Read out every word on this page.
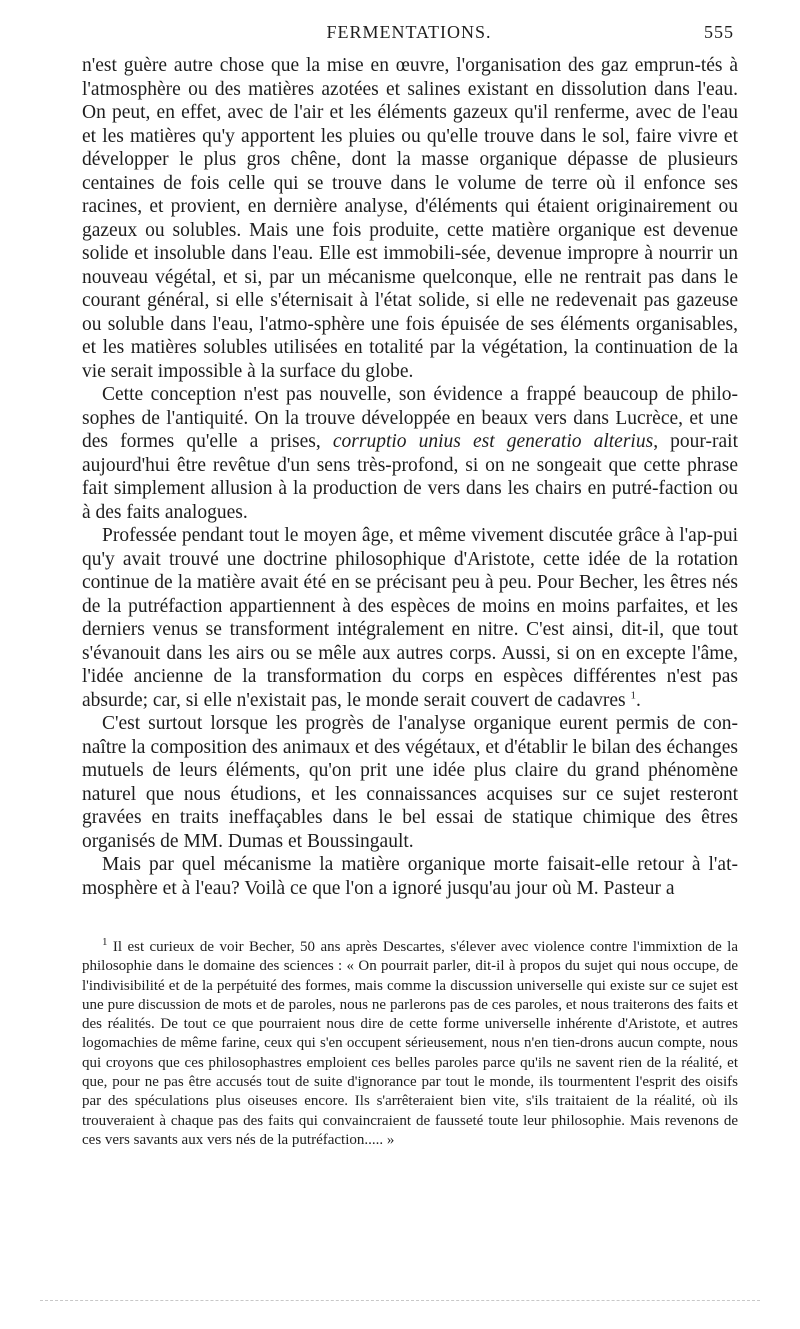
FERMENTATIONS.	555

n'est guère autre chose que la mise en œuvre, l'organisation des gaz emprun-tés à l'atmosphère ou des matières azotées et salines existant en dissolution dans l'eau. On peut, en effet, avec de l'air et les éléments gazeux qu'il renferme, avec de l'eau et les matières qu'y apportent les pluies ou qu'elle trouve dans le sol, faire vivre et développer le plus gros chêne, dont la masse organique dépasse de plusieurs centaines de fois celle qui se trouve dans le volume de terre où il enfonce ses racines, et provient, en dernière analyse, d'éléments qui étaient originairement ou gazeux ou solubles. Mais une fois produite, cette matière organique est devenue solide et insoluble dans l'eau. Elle est immobili-sée, devenue impropre à nourrir un nouveau végétal, et si, par un mécanisme quelconque, elle ne rentrait pas dans le courant général, si elle s'éternisait à l'état solide, si elle ne redevenait pas gazeuse ou soluble dans l'eau, l'atmo-sphère une fois épuisée de ses éléments organisables, et les matières solubles utilisées en totalité par la végétation, la continuation de la vie serait impossible à la surface du globe.

Cette conception n'est pas nouvelle, son évidence a frappé beaucoup de philo-sophes de l'antiquité. On la trouve développée en beaux vers dans Lucrèce, et une des formes qu'elle a prises, corruptio unius est generatio alterius, pour-rait aujourd'hui être revêtue d'un sens très-profond, si on ne songeait que cette phrase fait simplement allusion à la production de vers dans les chairs en putré-faction ou à des faits analogues.

Professée pendant tout le moyen âge, et même vivement discutée grâce à l'ap-pui qu'y avait trouvé une doctrine philosophique d'Aristote, cette idée de la rotation continue de la matière avait été en se précisant peu à peu. Pour Becher, les êtres nés de la putréfaction appartiennent à des espèces de moins en moins parfaites, et les derniers venus se transforment intégralement en nitre. C'est ainsi, dit-il, que tout s'évanouit dans les airs ou se mêle aux autres corps. Aussi, si on en excepte l'âme, l'idée ancienne de la transformation du corps en espèces différentes n'est pas absurde; car, si elle n'existait pas, le monde serait couvert de cadavres $^1$.

C'est surtout lorsque les progrès de l'analyse organique eurent permis de con-naître la composition des animaux et des végétaux, et d'établir le bilan des échanges mutuels de leurs éléments, qu'on prit une idée plus claire du grand phénomène naturel que nous étudions, et les connaissances acquises sur ce sujet resteront gravées en traits ineffaçables dans le bel essai de statique chimique des êtres organisés de MM. Dumas et Boussingault.

Mais par quel mécanisme la matière organique morte faisait-elle retour à l'at-mosphère et à l'eau? Voilà ce que l'on a ignoré jusqu'au jour où M. Pasteur a

$^1$ Il est curieux de voir Becher, 50 ans après Descartes, s'élever avec violence contre l'immixtion de la philosophie dans le domaine des sciences : « On pourrait parler, dit-il à propos du sujet qui nous occupe, de l'indivisibilité et de la perpétuité des formes, mais comme la discussion universelle qui existe sur ce sujet est une pure discussion de mots et de paroles, nous ne parlerons pas de ces paroles, et nous traiterons des faits et des réalités. De tout ce que pourraient nous dire de cette forme universelle inhérente d'Aristote, et autres logomachies de même farine, ceux qui s'en occupent sérieusement, nous n'en tien-drons aucun compte, nous qui croyons que ces philosophastres emploient ces belles paroles parce qu'ils ne savent rien de la réalité, et que, pour ne pas être accusés tout de suite d'ignorance par tout le monde, ils tourmentent l'esprit des oisifs par des spéculations plus oiseuses encore. Ils s'arrêteraient bien vite, s'ils traitaient de la réalité, où ils trouveraient à chaque pas des faits qui convaincraient de fausseté toute leur philosophie. Mais revenons de ces vers savants aux vers nés de la putréfaction..... »
